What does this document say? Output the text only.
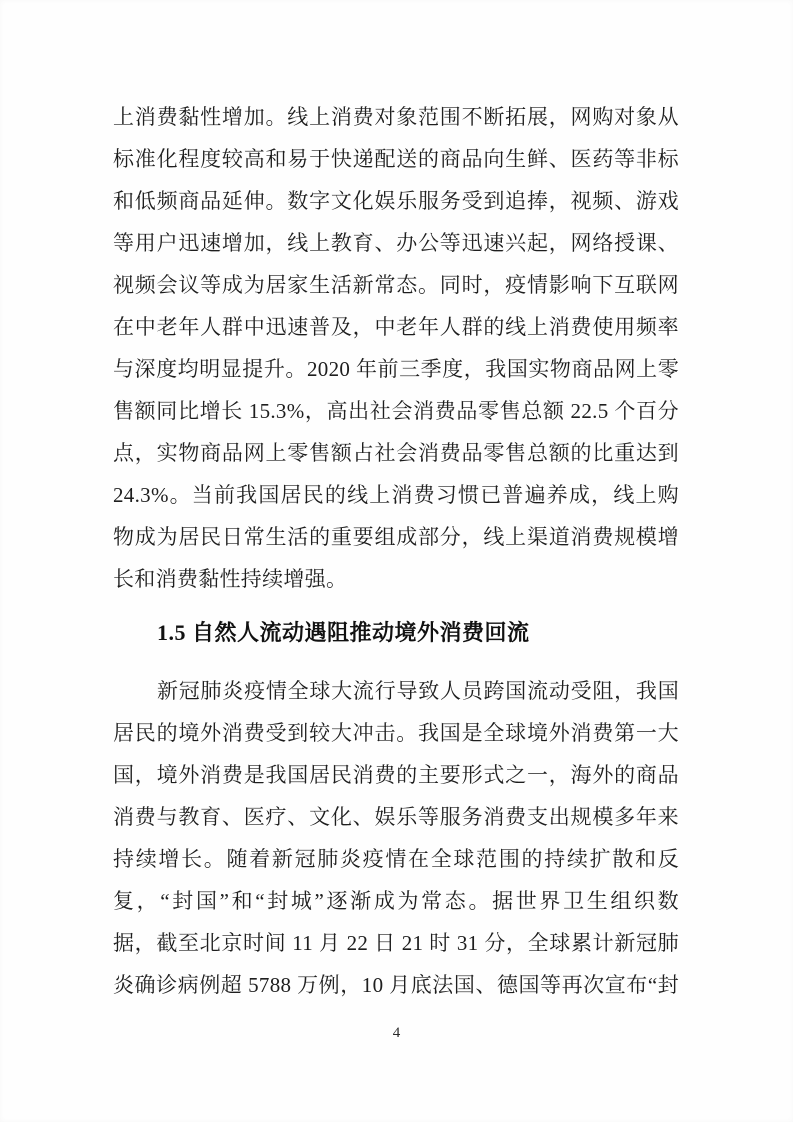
上消费黏性增加。线上消费对象范围不断拓展，网购对象从
标准化程度较高和易于快递配送的商品向生鲜、医药等非标
和低频商品延伸。数字文化娱乐服务受到追捧，视频、游戏
等用户迅速增加，线上教育、办公等迅速兴起，网络授课、
视频会议等成为居家生活新常态。同时，疫情影响下互联网
在中老年人群中迅速普及，中老年人群的线上消费使用频率
与深度均明显提升。2020 年前三季度，我国实物商品网上零
售额同比增长 15.3%，高出社会消费品零售总额 22.5 个百分
点，实物商品网上零售额占社会消费品零售总额的比重达到
24.3%。当前我国居民的线上消费习惯已普遍养成，线上购
物成为居民日常生活的重要组成部分，线上渠道消费规模增
长和消费黏性持续增强。
1.5 自然人流动遇阻推动境外消费回流
新冠肺炎疫情全球大流行导致人员跨国流动受阻，我国
居民的境外消费受到较大冲击。我国是全球境外消费第一大
国，境外消费是我国居民消费的主要形式之一，海外的商品
消费与教育、医疗、文化、娱乐等服务消费支出规模多年来
持续增长。随着新冠肺炎疫情在全球范围的持续扩散和反
复，“封国”和“封城”逐渐成为常态。据世界卫生组织数
据，截至北京时间 11 月 22 日 21 时 31 分，全球累计新冠肺
炎确诊病例超 5788 万例，10 月底法国、德国等再次宣布“封
4
